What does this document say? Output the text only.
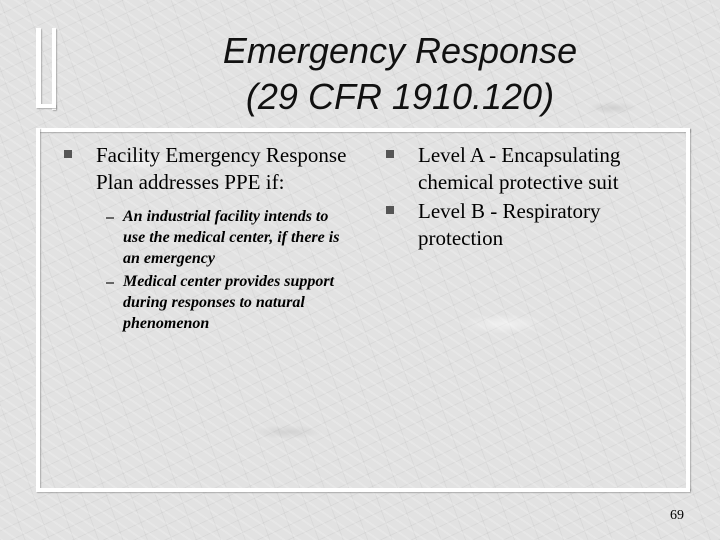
Emergency Response
(29 CFR 1910.120)
Facility Emergency Response Plan addresses PPE if:
An industrial facility intends to use the medical center, if there is an emergency
Medical center provides support during responses to natural phenomenon
Level A - Encapsulating chemical protective suit
Level B - Respiratory protection
69
